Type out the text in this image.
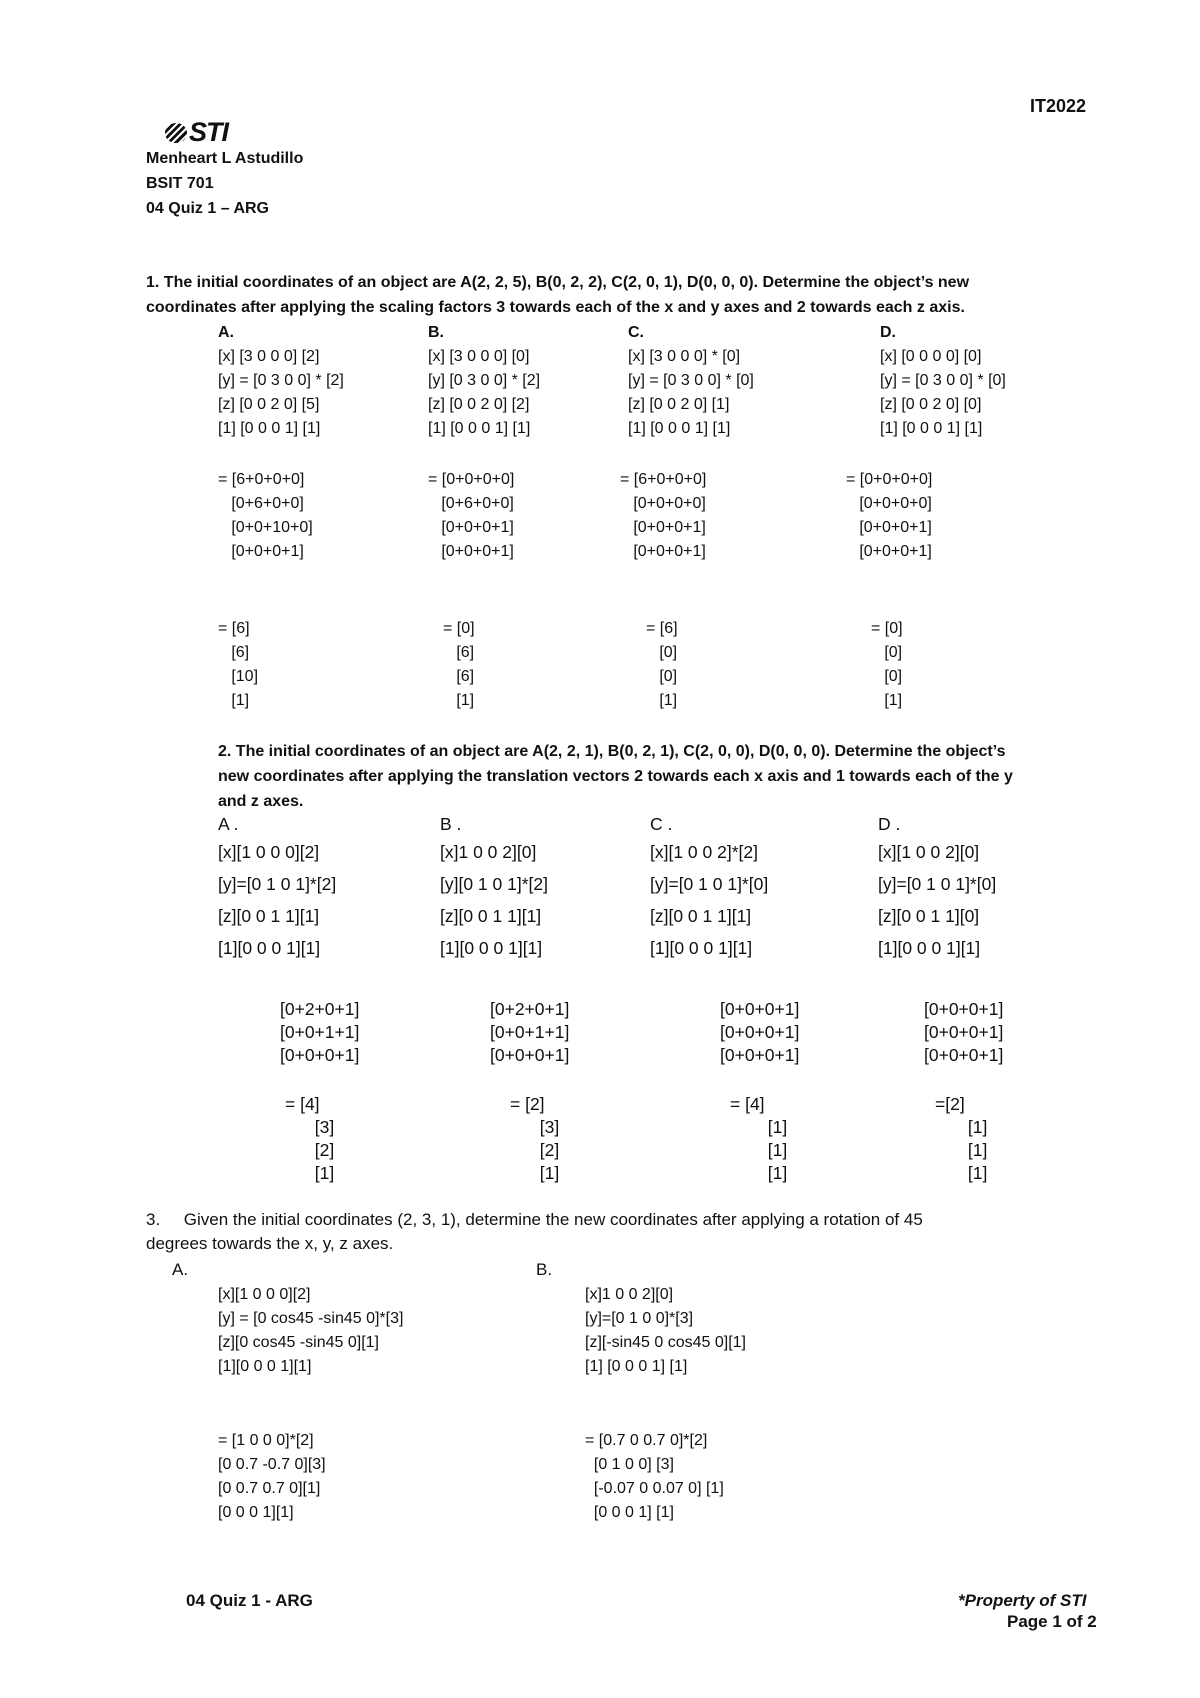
STI

IT2022
Menheart L Astudillo
BSIT 701
04 Quiz 1 – ARG
1. The initial coordinates of an object are A(2, 2, 5), B(0, 2, 2), C(2, 0, 1), D(0, 0, 0). Determine the object’s new
coordinates after applying the scaling factors 3 towards each of the x and y axes and 2 towards each z axis.
A.
[x] [3 0 0 0] [2]
[y] = [0 3 0 0] * [2]
[z] [0 0 2 0] [5]
[1] [0 0 0 1] [1]
B.
[x] [3 0 0 0] [0]
[y] [0 3 0 0] * [2]
[z] [0 0 2 0] [2]
[1] [0 0 0 1] [1]
C.
[x] [3 0 0 0] * [0]
[y] = [0 3 0 0] * [0]
[z] [0 0 2 0] [1]
[1] [0 0 0 1] [1]
D.
[x] [0 0 0 0] [0]
[y] = [0 3 0 0] * [0]
[z] [0 0 2 0] [0]
[1] [0 0 0 1] [1]
= [6+0+0+0]
[0+6+0+0]
[0+0+10+0]
[0+0+0+1]
= [0+0+0+0]
[0+6+0+0]
[0+0+0+1]
[0+0+0+1]
= [6+0+0+0]
[0+0+0+0]
[0+0+0+1]
[0+0+0+1]
= [0+0+0+0]
[0+0+0+0]
[0+0+0+1]
[0+0+0+1]
= [6]
[6]
[10]
[1]
= [0]
[6]
[6]
[1]
= [6]
[0]
[0]
[1]
= [0]
[0]
[0]
[1]
2. The initial coordinates of an object are A(2, 2, 1), B(0, 2, 1), C(2, 0, 0), D(0, 0, 0). Determine the object’s
new coordinates after applying the translation vectors 2 towards each x axis and 1 towards each of the y
and z axes.
A .
[x][1 0 0 0][2]
[y]=[0 1 0 1]*[2]
[z][0 0 1 1][1]
[1][0 0 0 1][1]
B .
[x]1 0 0 2][0]
[y][0 1 0 1]*[2]
[z][0 0 1 1][1]
[1][0 0 0 1][1]
C .
[x][1 0 0 2]*[2]
[y]=[0 1 0 1]*[0]
[z][0 0 1 1][1]
[1][0 0 0 1][1]
D .
[x][1 0 0 2][0]
[y]=[0 1 0 1]*[0]
[z][0 0 1 1][0]
[1][0 0 0 1][1]
[0+2+0+1]
[0+0+1+1]
[0+0+0+1]
[0+2+0+1]
[0+0+1+1]
[0+0+0+1]
[0+0+0+1]
[0+0+0+1]
[0+0+0+1]
[0+0+0+1]
[0+0+0+1]
[0+0+0+1]
= [4]
[3]
[2]
[1]
= [2]
[3]
[2]
[1]
= [4]
[1]
[1]
[1]
=[2]
[1]
[1]
[1]
3.     Given the initial coordinates (2, 3, 1), determine the new coordinates after applying a rotation of 45
degrees towards the x, y, z axes.
A.	B.
[x][1 0 0 0][2]
[y] = [0 cos45 -sin45 0]*[3]
[z][0 cos45 -sin45 0][1]
[1][0 0 0 1][1]
[x]1 0 0 2][0]
[y]=[0 1 0 0]*[3]
[z][-sin45 0 cos45 0][1]
[1] [0 0 0 1] [1]
= [1 0 0 0]*[2]
[0 0.7 -0.7 0][3]
[0 0.7 0.7 0][1]
[0 0 0 1][1]
= [0.7 0 0.7 0]*[2]
[0 1 0 0] [3]
[-0.07 0 0.07 0] [1]
[0 0 0 1] [1]
04 Quiz 1 - ARG	*Property of STI
Page 1 of 2
